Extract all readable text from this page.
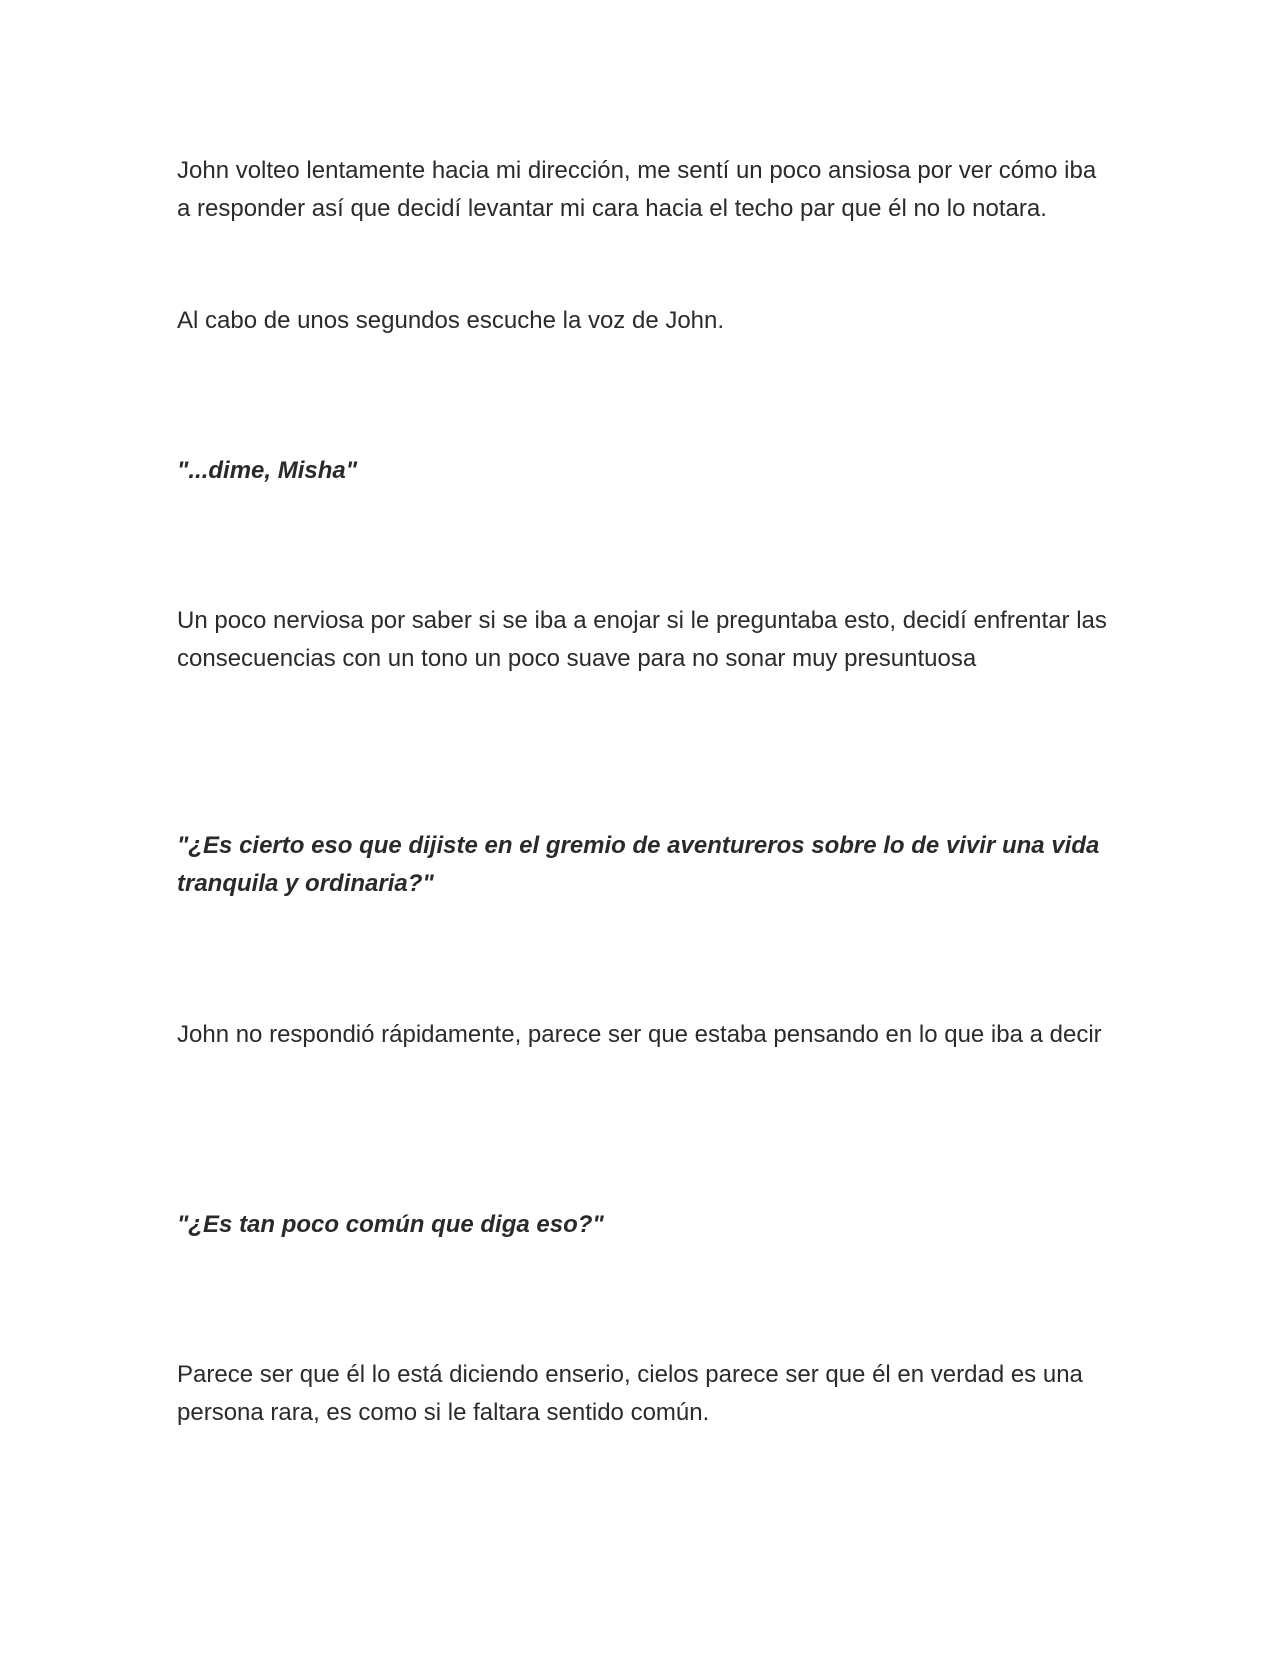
John volteo lentamente hacia mi dirección, me sentí un poco ansiosa por ver cómo iba a responder así que decidí levantar mi cara hacia el techo par que él no lo notara.

Al cabo de unos segundos escuche la voz de John.

"...dime, Misha"

Un poco nerviosa por saber si se iba a enojar si le preguntaba esto, decidí enfrentar las consecuencias con un tono un poco suave para no sonar muy presuntuosa

"¿Es cierto eso que dijiste en el gremio de aventureros sobre lo de vivir una vida tranquila y ordinaria?"

John no respondió rápidamente, parece ser que estaba pensando en lo que iba a decir

"¿Es tan poco común que diga eso?"

Parece ser que él lo está diciendo enserio, cielos parece ser que él en verdad es una persona rara, es como si le faltara sentido común.
